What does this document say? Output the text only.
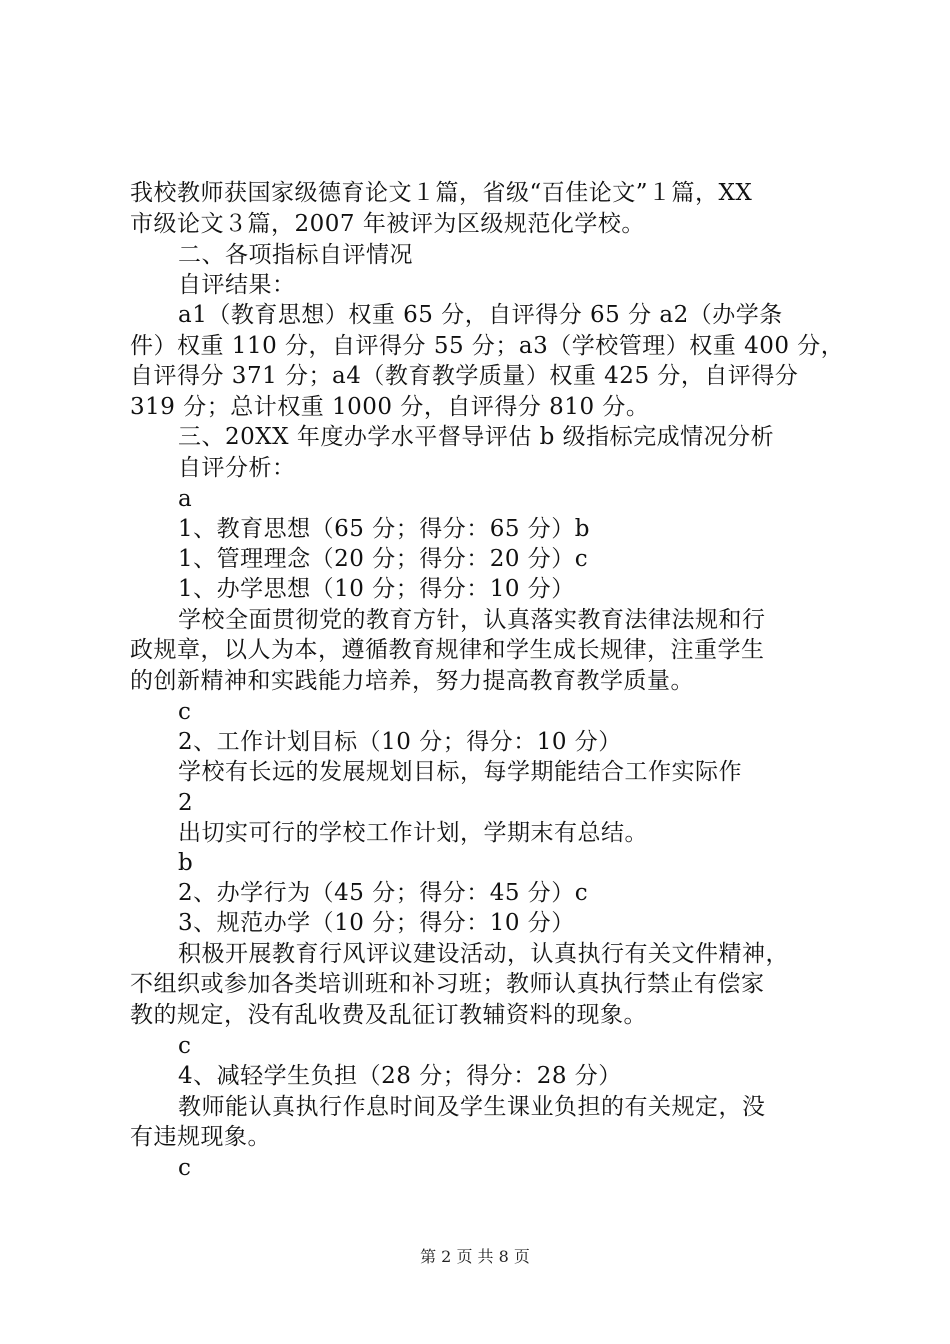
我校教师获国家级德育论文１篇，省级“百佳论文”１篇，XX
市级论文３篇，2007 年被评为区级规范化学校。
二、各项指标自评情况
自评结果：
a1（教育思想）权重 65 分，自评得分 65 分 a2（办学条
件）权重 110 分，自评得分 55 分；a3（学校管理）权重 400 分，
自评得分 371 分；a4（教育教学质量）权重 425 分，自评得分
319 分；总计权重 1000 分，自评得分 810 分。
三、20XX 年度办学水平督导评估 b 级指标完成情况分析
自评分析：
a
1、教育思想（65 分；得分：65 分）b
1、管理理念（20 分；得分：20 分）c
1、办学思想（10 分；得分：10 分）
学校全面贯彻党的教育方针，认真落实教育法律法规和行
政规章，以人为本，遵循教育规律和学生成长规律，注重学生
的创新精神和实践能力培养，努力提高教育教学质量。
c
2、工作计划目标（10 分；得分：10 分）
学校有长远的发展规划目标，每学期能结合工作实际作
2
出切实可行的学校工作计划，学期末有总结。
b
2、办学行为（45 分；得分：45 分）c
3、规范办学（10 分；得分：10 分）
积极开展教育行风评议建设活动，认真执行有关文件精神，
不组织或参加各类培训班和补习班；教师认真执行禁止有偿家
教的规定，没有乱收费及乱征订教辅资料的现象。
c
4、减轻学生负担（28 分；得分：28 分）
教师能认真执行作息时间及学生课业负担的有关规定，没
有违规现象。
c
第 2 页 共 8 页
